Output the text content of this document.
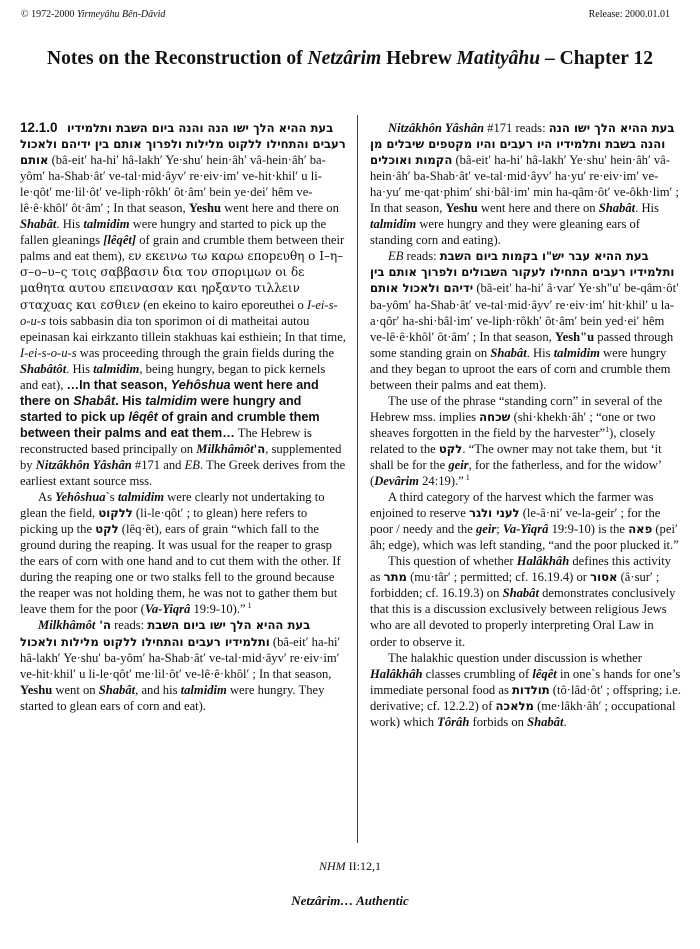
© 1972-2000 Yirmeyâhu Bên-Dâvid	Release: 2000.01.01
Notes on the Reconstruction of Netzârim Hebrew Matityâhu – Chapter 12

12.1.0 בעת ההיא הלך ישו הנה והנה ביום השבת ותלמידיו רעבים והתחילו ללקוט מלילות ולפרוך אותם בין ידיהם ולאכול אותם (bâ-eit′ ha-hi′ hâ-lakh′ Ye·shu′ hein·âh′ vâ-hein·âh′ ba-yôm′ ha-Shab·ât′ ve-tal·mid·âyv′ re·eiv·im′ ve-hit·khil′ u li-le·qôt′ me·lil·ôt′ ve-liph·rôkh′ ôt·âm′ bein ye·dei′ hêm ve-lê·ê·khôl′ ôt·âm′ ; In that season, Yeshu went here and there on Shabât. His talmidim were hungry and started to pick up the fallen gleanings [lêqêt] of grain and crumble them between their palms and eat them), εν εκεινω τω καρω εποpευθη ο Ι–η–σ–ο–υ–ς τοις σαββασιν δια τον σποριμων οι δε μαθητα αυτου επεινασαν και ηρξαντο τιλλειν σταχυας και εσθιεν (en ekeino to kairo eporeuthei o I-ei-s-o-u-s tois sabbasin dia ton sporimon oi di matheitai autou epeinasan kai eirkzanto tillein stakhuas kai esthiein; In that time, I-ei-s-o-u-s was proceeding through the grain fields during the Shabâtôt. His talmidim, being hungry, began to pick kernels and eat), …In that season, Yehôshua went here and there on Shabât. His talmidim were hungry and started to pick up lêqêt of grain and crumble them between their palms and eat them… The Hebrew is reconstructed based principally on Milkhâmôt'ה, supplemented by Nitzâkhôn Yâshân #171 and EB. The Greek derives from the earliest extant source mss.

As Yehôshua`s talmidim were clearly not undertaking to glean the field, ללקוט (li-le·qôt′ ; to glean) here refers to picking up the לקט (lêq·êt), ears of grain “which fall to the ground during the reaping. It was usual for the reaper to grasp the ears of corn with one hand and to cut them with the other. If during the reaping one or two stalks fell to the ground because the reaper was not holding them, he was not to gather them but leave them for the poor (Va-Yiqrâ 19:9-10).” $^1$

Milkhâmôt 'ה reads: בעת ההיא הלך ישו ביום השבת ותלמידיו רעבים והתחילו ללקוט מלילות ולאכול (bâ-eit′ ha-hi′ hâ-lakh′ Ye·shu′ ba-yôm′ ha-Shab·ât′ ve-tal·mid·âyv′ re·eiv·im′ ve-hit·khil′ u li-le·qôt′ me·lil·ôt′ ve-lê·ê·khôl′ ; In that season, Yeshu went on Shabât, and his talmidim were hungry. They started to glean ears of corn and eat).

Nitzâkhôn Yâshân #171 reads: בעת ההיא הלך ישו הנה והנה בשבת ותלמידיו היו רעבים והיו מקטפים שיבלים מן הקמות ואוכלים (bâ-eit′ ha-hi′ hâ-lakh′ Ye·shu′ hein·âh′ vâ-hein·âh′ ba-Shab·ât′ ve-tal·mid·âyv′ ha·yu′ re·eiv·im′ ve-ha·yu′ me·qat·phim′ shi·bâl·im′ min ha-qâm·ôt′ ve-ôkh·lim′ ; In that season, Yeshu went here and there on Shabât. His talmidim were hungry and they were gleaning ears of standing corn and eating).

EB reads: בעת ההיא עבר יש"ו בקמות ביום השבת ותלמידיו רעבים התחילו לעקור השבולים ולפרוך אותם בין ידיהם ולאכול אותם (bâ-eit′ ha-hi′ â·var′ Ye·sh"u′ be-qâm·ôt′ ba-yôm′ ha-Shab·ât′ ve-tal·mid·âyv′ re·eiv·im′ hit·khil′ u la-a·qôr′ ha-shi·bâl·im′ ve-liph·rôkh′ ôt·âm′ bein yed·ei′ hêm ve-lê·ê·khôl′ ôt·âm′ ; In that season, Yesh"u passed through some standing grain on Shabât. His talmidim were hungry and they began to uproot the ears of corn and crumble them between their palms and eat them).

The use of the phrase “standing corn” in several of the Hebrew mss. implies שכחה (shi·khekh·âh′ ; “one or two sheaves forgotten in the field by the harvester”$^1$), closely related to the לקט. “The owner may not take them, but ‘it shall be for the geir, for the fatherless, and for the widow’ (Devârim 24:19).” $^1$

A third category of the harvest which the farmer was enjoined to reserve לעני ולגר (le-â·ni′ ve-la-geir′ ; for the poor / needy and the geir; Va-Yiqrâ 19:9-10) is the פאה (pei′ âh; edge), which was left standing, “and the poor plucked it.”

This question of whether Halâkhâh defines this activity as מתר (mu·târ′ ; permitted; cf. 16.19.4) or אסור (â·sur′ ; forbidden; cf. 16.19.3) on Shabât demonstrates conclusively that this is a discussion exclusively between religious Jews who are all devoted to properly interpreting Oral Law in order to observe it.

The halakhic question under discussion is whether Halâkhâh classes crumbling of lêqêt in one`s hands for one’s immediate personal food as תולדות (tô·lâd·ôt′ ; offspring; i.e. derivative; cf. 12.2.2) of מלאכה (me·lâkh·âh′ ; occupational work) which Tôrâh forbids on Shabât.

NHM II:12,1
Netzârim… Authentic
